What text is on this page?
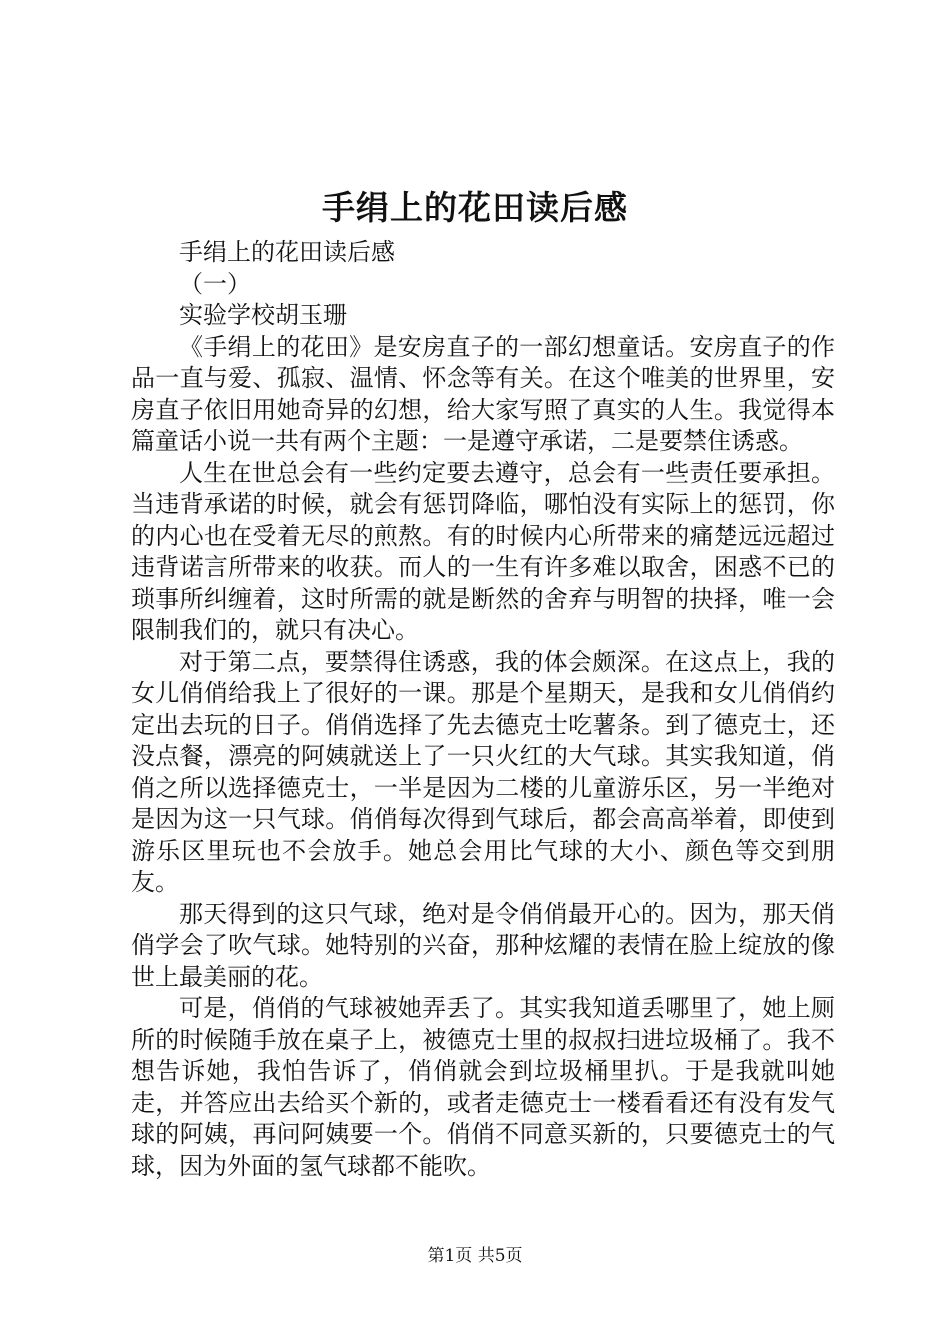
手绢上的花田读后感

手绢上的花田读后感

（一）

实验学校胡玉珊

《手绢上的花田》是安房直子的一部幻想童话。安房直子的作品一直与爱、孤寂、温情、怀念等有关。在这个唯美的世界里，安房直子依旧用她奇异的幻想，给大家写照了真实的人生。我觉得本篇童话小说一共有两个主题：一是遵守承诺，二是要禁住诱惑。

人生在世总会有一些约定要去遵守，总会有一些责任要承担。当违背承诺的时候，就会有惩罚降临，哪怕没有实际上的惩罚，你的内心也在受着无尽的煎熬。有的时候内心所带来的痛楚远远超过违背诺言所带来的收获。而人的一生有许多难以取舍，困惑不已的琐事所纠缠着，这时所需的就是断然的舍弃与明智的抉择，唯一会限制我们的，就只有决心。

对于第二点，要禁得住诱惑，我的体会颇深。在这点上，我的女儿俏俏给我上了很好的一课。那是个星期天，是我和女儿俏俏约定出去玩的日子。俏俏选择了先去德克士吃薯条。到了德克士，还没点餐，漂亮的阿姨就送上了一只火红的大气球。其实我知道，俏俏之所以选择德克士，一半是因为二楼的儿童游乐区，另一半绝对是因为这一只气球。俏俏每次得到气球后，都会高高举着，即使到游乐区里玩也不会放手。她总会用比气球的大小、颜色等交到朋友。

那天得到的这只气球，绝对是令俏俏最开心的。因为，那天俏俏学会了吹气球。她特别的兴奋，那种炫耀的表情在脸上绽放的像世上最美丽的花。

可是，俏俏的气球被她弄丢了。其实我知道丢哪里了，她上厕所的时候随手放在桌子上，被德克士里的叔叔扫进垃圾桶了。我不想告诉她，我怕告诉了，俏俏就会到垃圾桶里扒。于是我就叫她走，并答应出去给买个新的，或者走德克士一楼看看还有没有发气球的阿姨，再问阿姨要一个。俏俏不同意买新的，只要德克士的气球，因为外面的氢气球都不能吹。

第1页 共5页
